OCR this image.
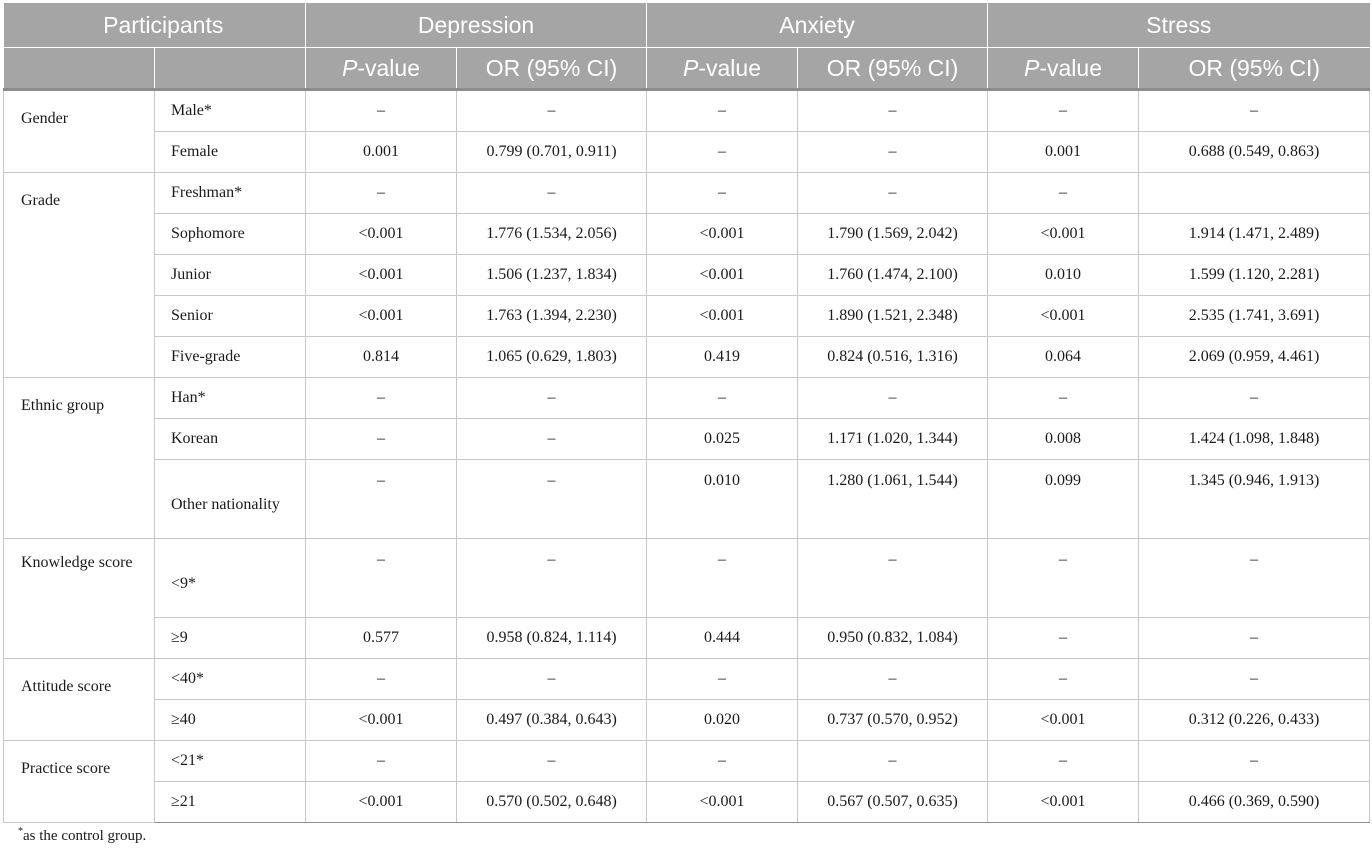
Participants		Depression		Anxiety		Stress	
		P-value	OR (95% CI)	P-value	OR (95% CI)	P-value	OR (95% CI)
Gender	Male*	–	–	–	–	–	–
	Female	0.001	0.799 (0.701, 0.911)	–	–	0.001	0.688 (0.549, 0.863)
Grade	Freshman*	–	–	–	–	–	
	Sophomore	<0.001	1.776 (1.534, 2.056)	<0.001	1.790 (1.569, 2.042)	<0.001	1.914 (1.471, 2.489)
	Junior	<0.001	1.506 (1.237, 1.834)	<0.001	1.760 (1.474, 2.100)	0.010	1.599 (1.120, 2.281)
	Senior	<0.001	1.763 (1.394, 2.230)	<0.001	1.890 (1.521, 2.348)	<0.001	2.535 (1.741, 3.691)
	Five-grade	0.814	1.065 (0.629, 1.803)	0.419	0.824 (0.516, 1.316)	0.064	2.069 (0.959, 4.461)
Ethnic group	Han*	–	–	–	–	–	–
	Korean	–	–	0.025	1.171 (1.020, 1.344)	0.008	1.424 (1.098, 1.848)
	Other nationality	–	–	0.010	1.280 (1.061, 1.544)	0.099	1.345 (0.946, 1.913)
Knowledge score	<9*	–	–	–	–	–	–
	≥9	0.577	0.958 (0.824, 1.114)	0.444	0.950 (0.832, 1.084)	–	–
Attitude score	<40*	–	–	–	–	–	–
	≥40	<0.001	0.497 (0.384, 0.643)	0.020	0.737 (0.570, 0.952)	<0.001	0.312 (0.226, 0.433)
Practice score	<21*	–	–	–	–	–	–
	≥21	<0.001	0.570 (0.502, 0.648)	<0.001	0.567 (0.507, 0.635)	<0.001	0.466 (0.369, 0.590)
*as the control group.
